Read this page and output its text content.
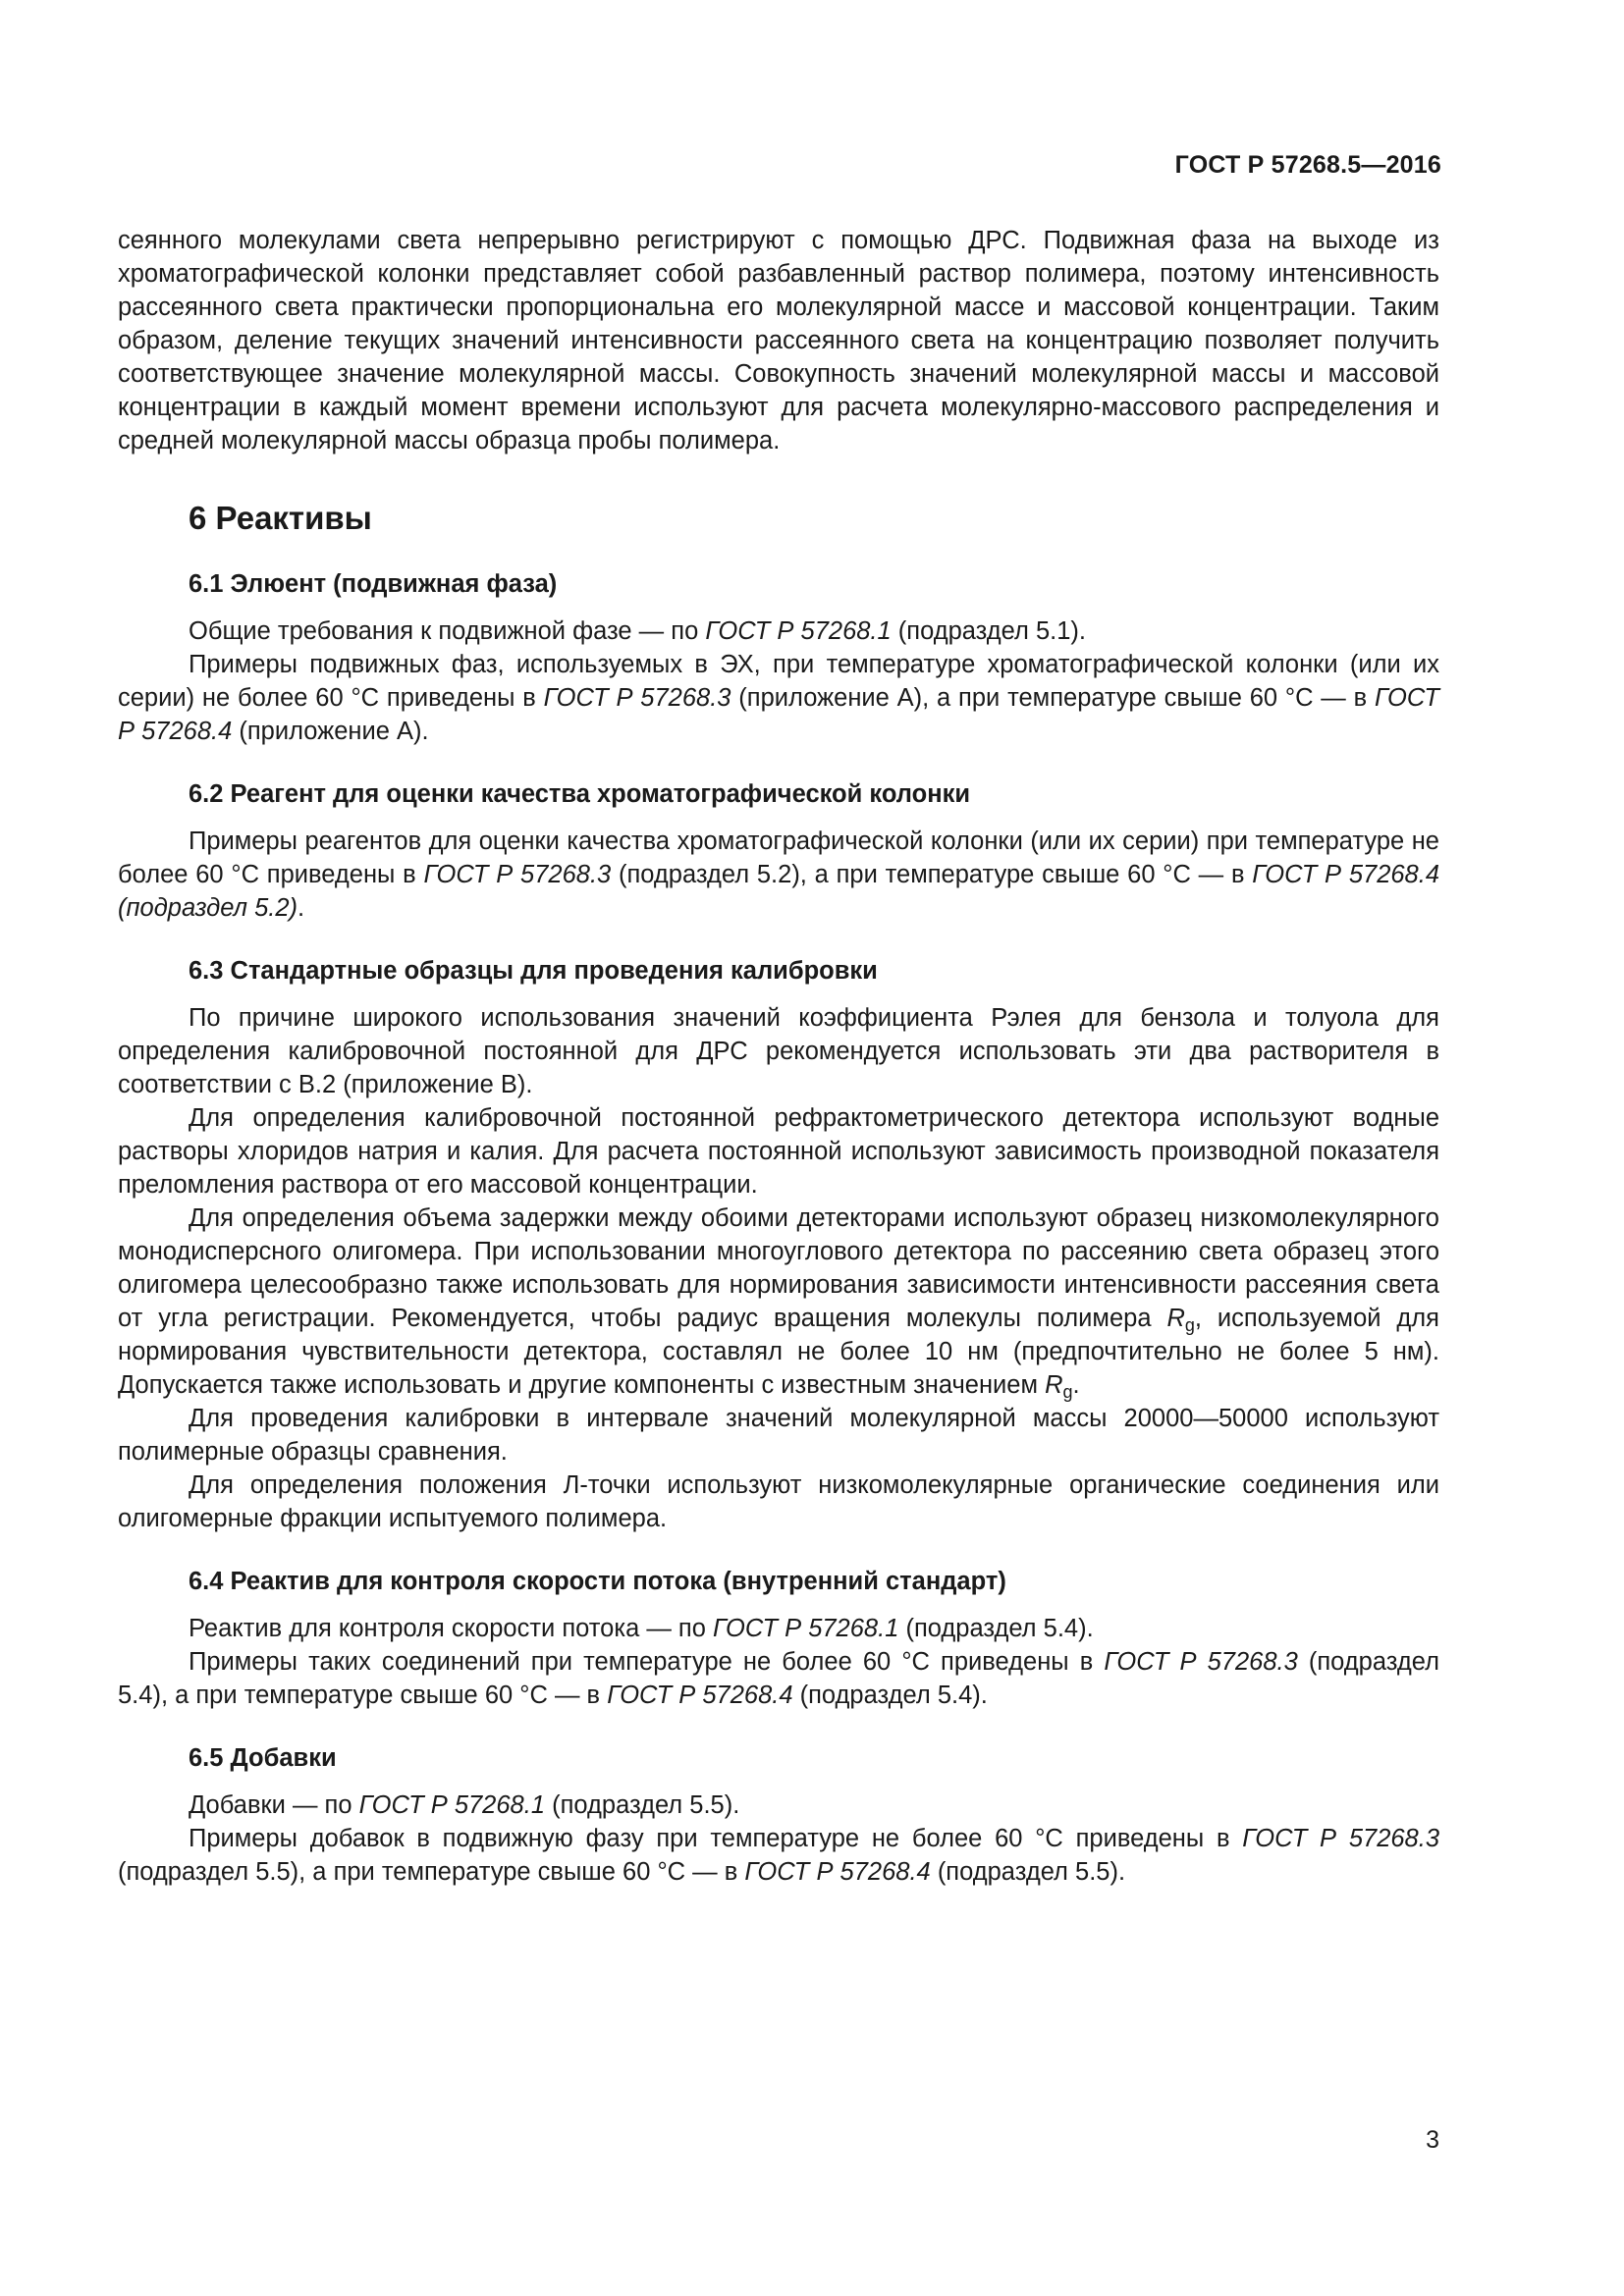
ГОСТ Р 57268.5—2016

сеянного молекулами света непрерывно регистрируют с помощью ДРС. Подвижная фаза на выходе из хроматографической колонки представляет собой разбавленный раствор полимера, поэтому интенсивность рассеянного света практически пропорциональна его молекулярной массе и массовой концентрации. Таким образом, деление текущих значений интенсивности рассеянного света на концентрацию позволяет получить соответствующее значение молекулярной массы. Совокупность значений молекулярной массы и массовой концентрации в каждый момент времени используют для расчета молекулярно-массового распределения и средней молекулярной массы образца пробы полимера.

6 Реактивы
6.1 Элюент (подвижная фаза)

Общие требования к подвижной фазе — по ГОСТ Р 57268.1 (подраздел 5.1).

Примеры подвижных фаз, используемых в ЭХ, при температуре хроматографической колонки (или их серии) не более 60 °С приведены в ГОСТ Р 57268.3 (приложение А), а при температуре свыше 60 °С — в ГОСТ Р 57268.4 (приложение А).

6.2 Реагент для оценки качества хроматографической колонки

Примеры реагентов для оценки качества хроматографической колонки (или их серии) при температуре не более 60 °С приведены в ГОСТ Р 57268.3 (подраздел 5.2), а при температуре свыше 60 °С — в ГОСТ Р 57268.4 (подраздел 5.2).

6.3 Стандартные образцы для проведения калибровки

По причине широкого использования значений коэффициента Рэлея для бензола и толуола для определения калибровочной постоянной для ДРС рекомендуется использовать эти два растворителя в соответствии с В.2 (приложение В).

Для определения калибровочной постоянной рефрактометрического детектора используют водные растворы хлоридов натрия и калия. Для расчета постоянной используют зависимость производной показателя преломления раствора от его массовой концентрации.

Для определения объема задержки между обоими детекторами используют образец низкомолекулярного монодисперсного олигомера. При использовании многоуглового детектора по рассеянию света образец этого олигомера целесообразно также использовать для нормирования зависимости интенсивности рассеяния света от угла регистрации. Рекомендуется, чтобы радиус вращения молекулы полимера $R_g$, используемой для нормирования чувствительности детектора, составлял не более 10 нм (предпочтительно не более 5 нм). Допускается также использовать и другие компоненты с известным значением $R_g$.

Для проведения калибровки в интервале значений молекулярной массы 20000—50000 используют полимерные образцы сравнения.

Для определения положения Л-точки используют низкомолекулярные органические соединения или олигомерные фракции испытуемого полимера.

6.4 Реактив для контроля скорости потока (внутренний стандарт)

Реактив для контроля скорости потока — по ГОСТ Р 57268.1 (подраздел 5.4).

Примеры таких соединений при температуре не более 60 °С приведены в ГОСТ Р 57268.3 (подраздел 5.4), а при температуре свыше 60 °С — в ГОСТ Р 57268.4 (подраздел 5.4).

6.5 Добавки

Добавки — по ГОСТ Р 57268.1 (подраздел 5.5).

Примеры добавок в подвижную фазу при температуре не более 60 °С приведены в ГОСТ Р 57268.3 (подраздел 5.5), а при температуре свыше 60 °С — в ГОСТ Р 57268.4 (подраздел 5.5).

3
